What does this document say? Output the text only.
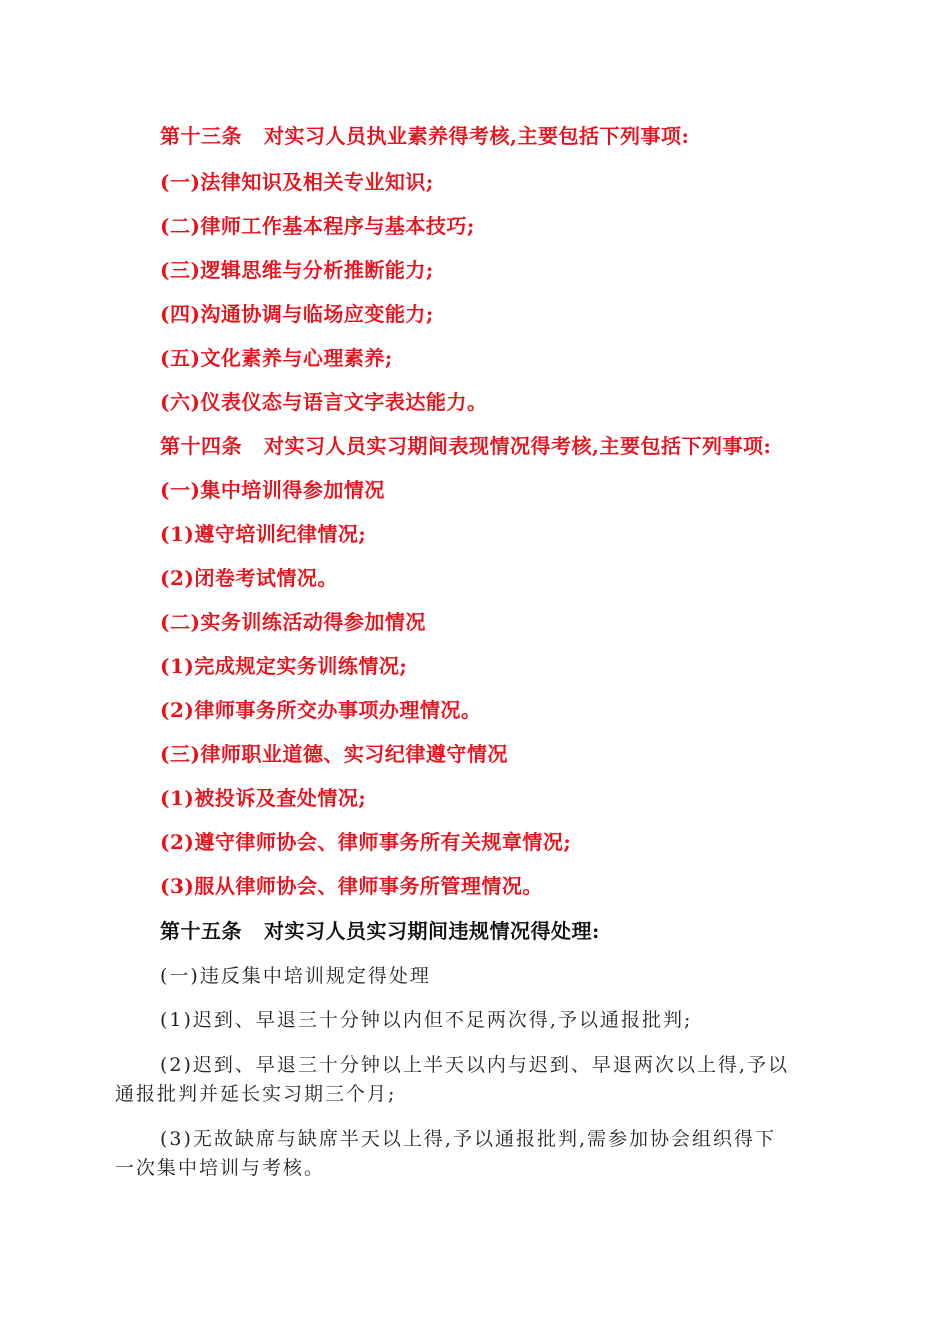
第十三条 对实习人员执业素养得考核,主要包括下列事项:
(一)法律知识及相关专业知识;
(二)律师工作基本程序与基本技巧;
(三)逻辑思维与分析推断能力;
(四)沟通协调与临场应变能力;
(五)文化素养与心理素养;
(六)仪表仪态与语言文字表达能力。
第十四条 对实习人员实习期间表现情况得考核,主要包括下列事项:
(一)集中培训得参加情况
(1)遵守培训纪律情况;
(2)闭卷考试情况。
(二)实务训练活动得参加情况
(1)完成规定实务训练情况;
(2)律师事务所交办事项办理情况。
(三)律师职业道德、实习纪律遵守情况
(1)被投诉及查处情况;
(2)遵守律师协会、律师事务所有关规章情况;
(3)服从律师协会、律师事务所管理情况。
第十五条 对实习人员实习期间违规情况得处理:
(一)违反集中培训规定得处理
(1)迟到、早退三十分钟以内但不足两次得,予以通报批判;
(2)迟到、早退三十分钟以上半天以内与迟到、早退两次以上得,予以
通报批判并延长实习期三个月;
(3)无故缺席与缺席半天以上得,予以通报批判,需参加协会组织得下
一次集中培训与考核。
